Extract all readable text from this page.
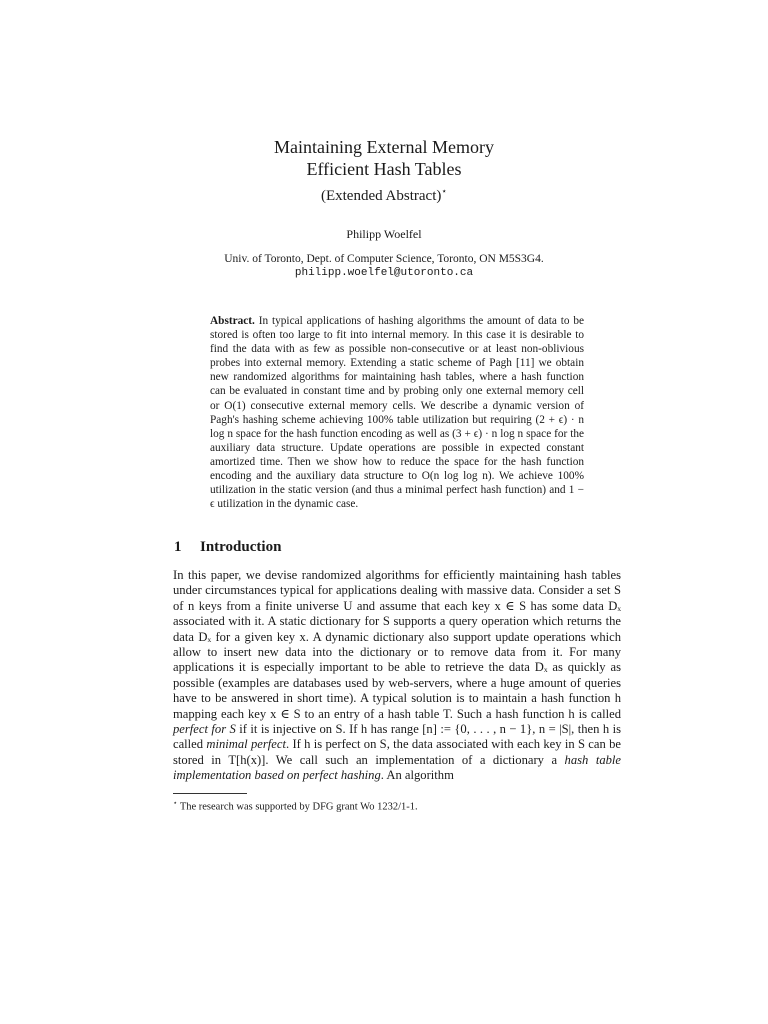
Maintaining External Memory
Efficient Hash Tables
(Extended Abstract)⋆
Philipp Woelfel
Univ. of Toronto, Dept. of Computer Science, Toronto, ON M5S3G4.
philipp.woelfel@utoronto.ca
Abstract. In typical applications of hashing algorithms the amount of data to be stored is often too large to fit into internal memory. In this case it is desirable to find the data with as few as possible non-consecutive or at least non-oblivious probes into external memory. Extending a static scheme of Pagh [11] we obtain new randomized algorithms for maintaining hash tables, where a hash function can be evaluated in constant time and by probing only one external memory cell or O(1) consecutive external memory cells. We describe a dynamic version of Pagh's hashing scheme achieving 100% table utilization but requiring (2 + ϵ) · n log n space for the hash function encoding as well as (3 + ϵ) · n log n space for the auxiliary data structure. Update operations are possible in expected constant amortized time. Then we show how to reduce the space for the hash function encoding and the auxiliary data structure to O(n log log n). We achieve 100% utilization in the static version (and thus a minimal perfect hash function) and 1 − ϵ utilization in the dynamic case.
1 Introduction
In this paper, we devise randomized algorithms for efficiently maintaining hash tables under circumstances typical for applications dealing with massive data. Consider a set S of n keys from a finite universe U and assume that each key x ∈ S has some data Dₓ associated with it. A static dictionary for S supports a query operation which returns the data Dₓ for a given key x. A dynamic dictionary also support update operations which allow to insert new data into the dictionary or to remove data from it. For many applications it is especially important to be able to retrieve the data Dₓ as quickly as possible (examples are databases used by web-servers, where a huge amount of queries have to be answered in short time). A typical solution is to maintain a hash function h mapping each key x ∈ S to an entry of a hash table T. Such a hash function h is called perfect for S if it is injective on S. If h has range [n] := {0, . . . , n − 1}, n = |S|, then h is called minimal perfect. If h is perfect on S, the data associated with each key in S can be stored in T[h(x)]. We call such an implementation of a dictionary a hash table implementation based on perfect hashing. An algorithm
⋆ The research was supported by DFG grant Wo 1232/1-1.
